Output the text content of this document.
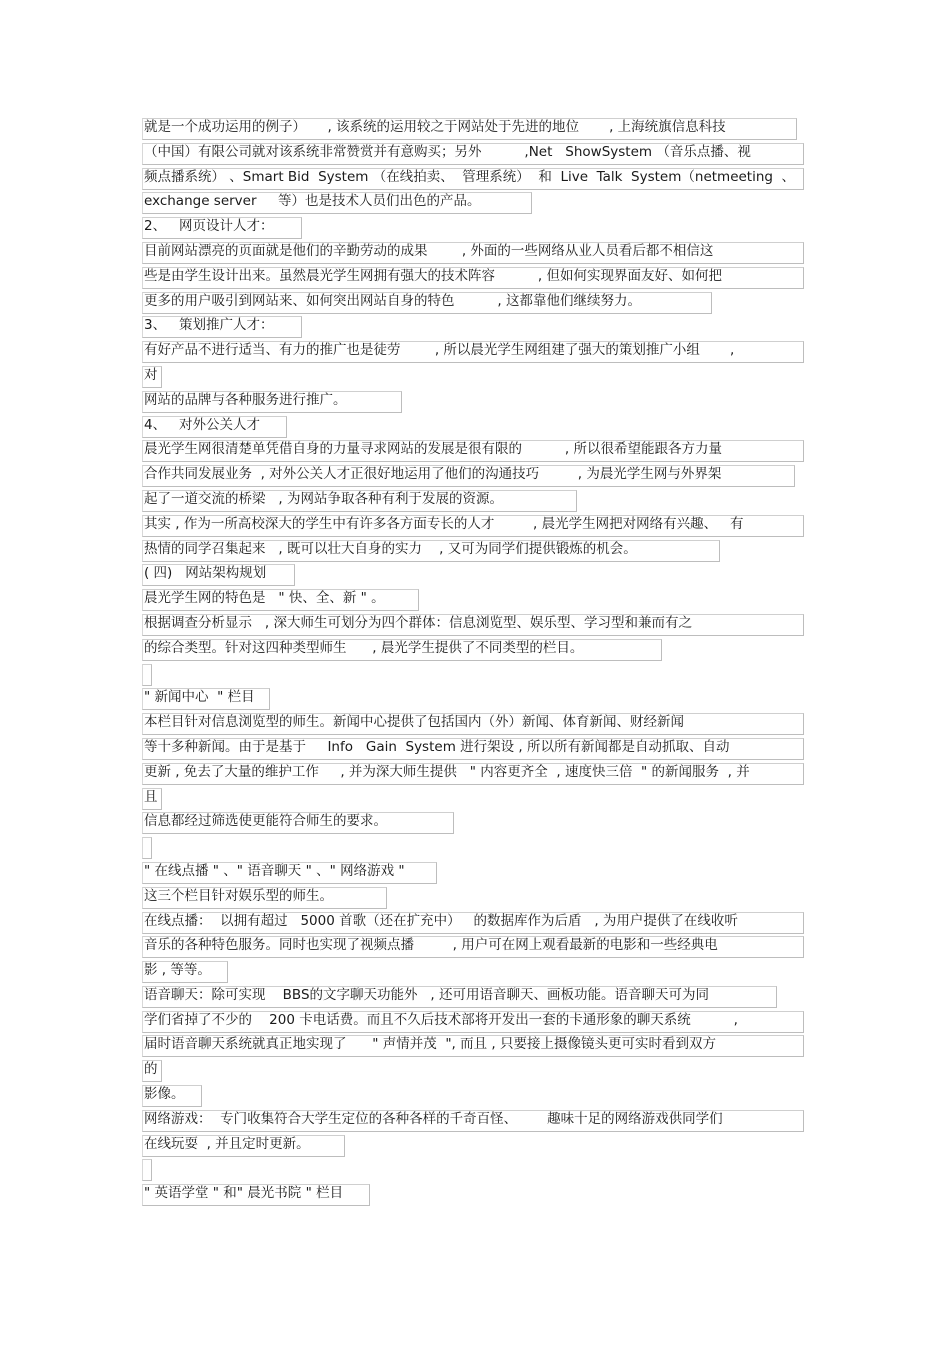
就是一个成功运用的例子）     , 该系统的运用较之于网站处于先进的地位       , 上海统旗信息科技
（中国）有限公司就对该系统非常赞赏并有意购买；另外          ,Net   ShowSystem （音乐点播、视
频点播系统） 、Smart Bid  System （在线拍卖、  管理系统）  和  Live  Talk  System（netmeeting  、
exchange server     等）也是技术人员们出色的产品。
2、   网页设计人才：
目前网站漂亮的页面就是他们的辛勤劳动的成果        , 外面的一些网络从业人员看后都不相信这
些是由学生设计出来。虽然晨光学生网拥有强大的技术阵容          , 但如何实现界面友好、如何把
更多的用户吸引到网站来、如何突出网站自身的特色          , 这都靠他们继续努力。
3、   策划推广人才：
有好产品不进行适当、有力的推广也是徒劳        , 所以晨光学生网组建了强大的策划推广小组       ,
对
网站的品牌与各种服务进行推广。
4、   对外公关人才
晨光学生网很清楚单凭借自身的力量寻求网站的发展是很有限的          , 所以很希望能跟各方力量
合作共同发展业务  , 对外公关人才正很好地运用了他们的沟通技巧         , 为晨光学生网与外界架
起了一道交流的桥梁   , 为网站争取各种有利于发展的资源。
其实 , 作为一所高校深大的学生中有许多各方面专长的人才         , 晨光学生网把对网络有兴趣、   有
热情的同学召集起来   , 既可以壮大自身的实力    , 又可为同学们提供锻炼的机会。
( 四)   网站架构规划
晨光学生网的特色是   " 快、全、新 " 。
根据调查分析显示   , 深大师生可划分为四个群体：信息浏览型、娱乐型、学习型和兼而有之
的综合类型。针对这四种类型师生      , 晨光学生提供了不同类型的栏目。
" 新闻中心  " 栏目
本栏目针对信息浏览型的师生。新闻中心提供了包括国内（外）新闻、体育新闻、财经新闻
等十多种新闻。由于是基于     Info   Gain  System 进行架设 , 所以所有新闻都是自动抓取、自动
更新 , 免去了大量的维护工作     , 并为深大师生提供   " 内容更齐全  , 速度快三倍  " 的新闻服务  , 并
且
信息都经过筛选使更能符合师生的要求。
" 在线点播 " 、" 语音聊天 " 、" 网络游戏 "
这三个栏目针对娱乐型的师生。
在线点播：  以拥有超过   5000 首歌（还在扩充中）   的数据库作为后盾   , 为用户提供了在线收听
音乐的各种特色服务。同时也实现了视频点播         , 用户可在网上观看最新的电影和一些经典电
影 , 等等。
语音聊天：除可实现    BBS的文字聊天功能外   , 还可用语音聊天、画板功能。语音聊天可为同
学们省掉了不少的    200 卡电话费。而且不久后技术部将开发出一套的卡通形象的聊天系统          ,
届时语音聊天系统就真正地实现了      " 声情并茂  ", 而且 , 只要接上摄像镜头更可实时看到双方
的
影像。
网络游戏：  专门收集符合大学生定位的各种各样的千奇百怪、       趣味十足的网络游戏供同学们
在线玩耍  , 并且定时更新。
" 英语学堂 " 和" 晨光书院 " 栏目
